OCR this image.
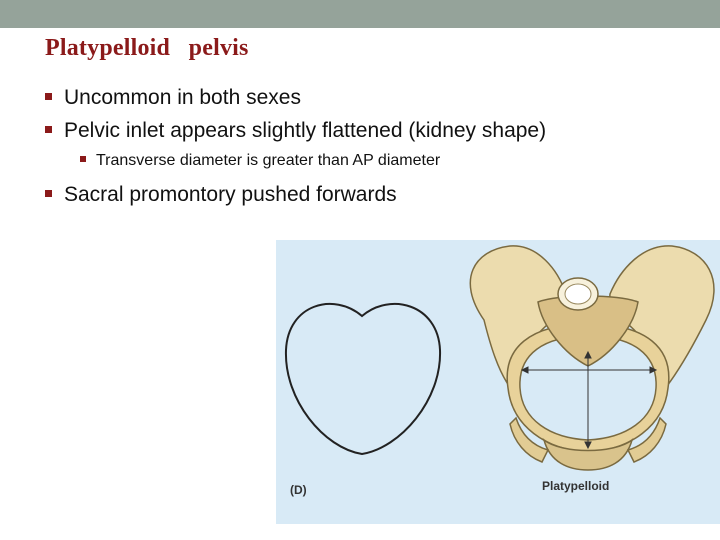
Platypelloid   pelvis
Uncommon in both sexes
Pelvic inlet appears slightly flattened (kidney shape)
Transverse diameter is greater than AP diameter
Sacral promontory pushed forwards
(D)	Platypelloid
